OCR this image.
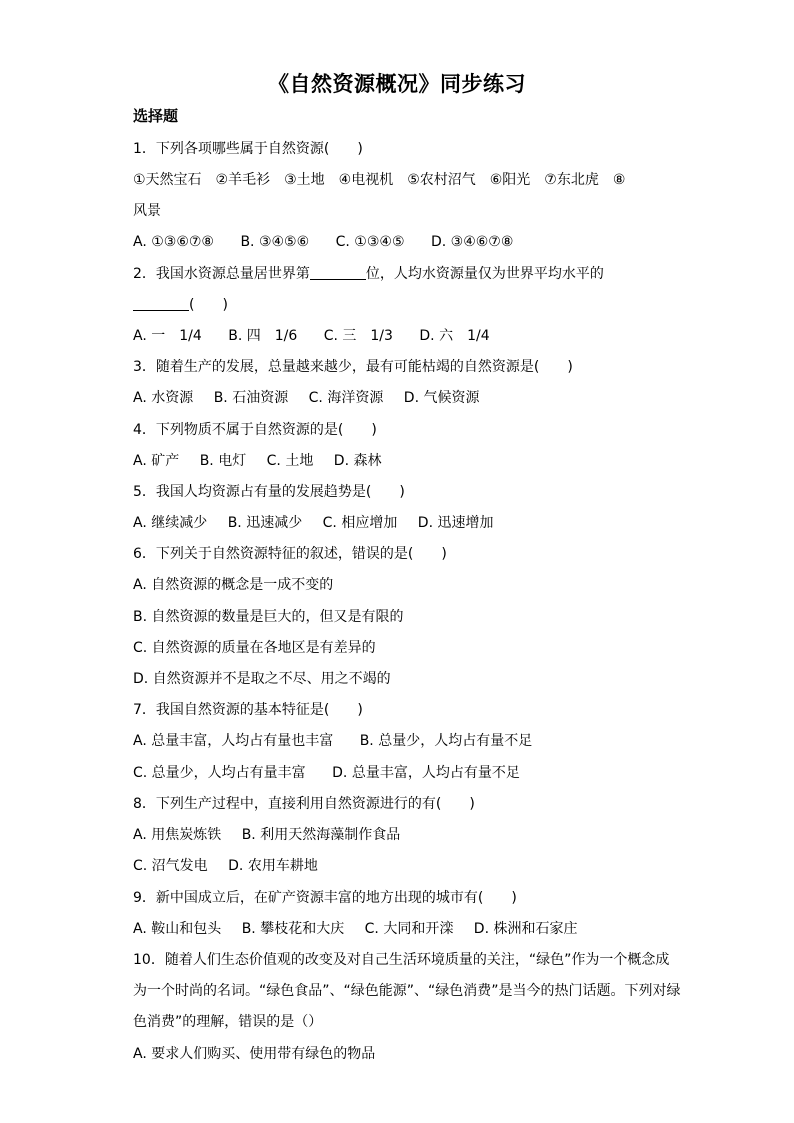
《自然资源概况》同步练习
选择题
1．下列各项哪些属于自然资源(　　)
①天然宝石　②羊毛衫　③土地　④电视机　⑤农村沼气　⑥阳光　⑦东北虎　⑧
风景
A. ①③⑥⑦⑧ B. ③④⑤⑥ C. ①③④⑤ D. ③④⑥⑦⑧
2．我国水资源总量居世界第	位，人均水资源量仅为世界平均水平的
(　　)
A. 一　1/4 B. 四　1/6 C. 三　1/3 D. 六　1/4
3．随着生产的发展，总量越来越少，最有可能枯竭的自然资源是(　　)
A. 水资源 B. 石油资源 C. 海洋资源 D. 气候资源
4．下列物质不属于自然资源的是(　　)
A. 矿产 B. 电灯 C. 土地 D. 森林
5．我国人均资源占有量的发展趋势是(　　)
A. 继续减少 B. 迅速减少 C. 相应增加 D. 迅速增加
6．下列关于自然资源特征的叙述，错误的是(　　)
A. 自然资源的概念是一成不变的
B. 自然资源的数量是巨大的，但又是有限的
C. 自然资源的质量在各地区是有差异的
D. 自然资源并不是取之不尽、用之不竭的
7．我国自然资源的基本特征是(　　)
A. 总量丰富，人均占有量也丰富 B. 总量少，人均占有量不足
C. 总量少，人均占有量丰富 D. 总量丰富，人均占有量不足
8．下列生产过程中，直接利用自然资源进行的有(　　)
A. 用焦炭炼铁 B. 利用天然海藻制作食品
C. 沼气发电 D. 农用车耕地
9．新中国成立后，在矿产资源丰富的地方出现的城市有(　　)
A. 鞍山和包头 B. 攀枝花和大庆 C. 大同和开滦 D. 株洲和石家庄
10．随着人们生态价值观的改变及对自己生活环境质量的关注，“绿色”作为一个概念成
为一个时尚的名词。“绿色食品”、“绿色能源”、“绿色消费”是当今的热门话题。下列对绿
色消费”的理解，错误的是（）
A. 要求人们购买、使用带有绿色的物品
